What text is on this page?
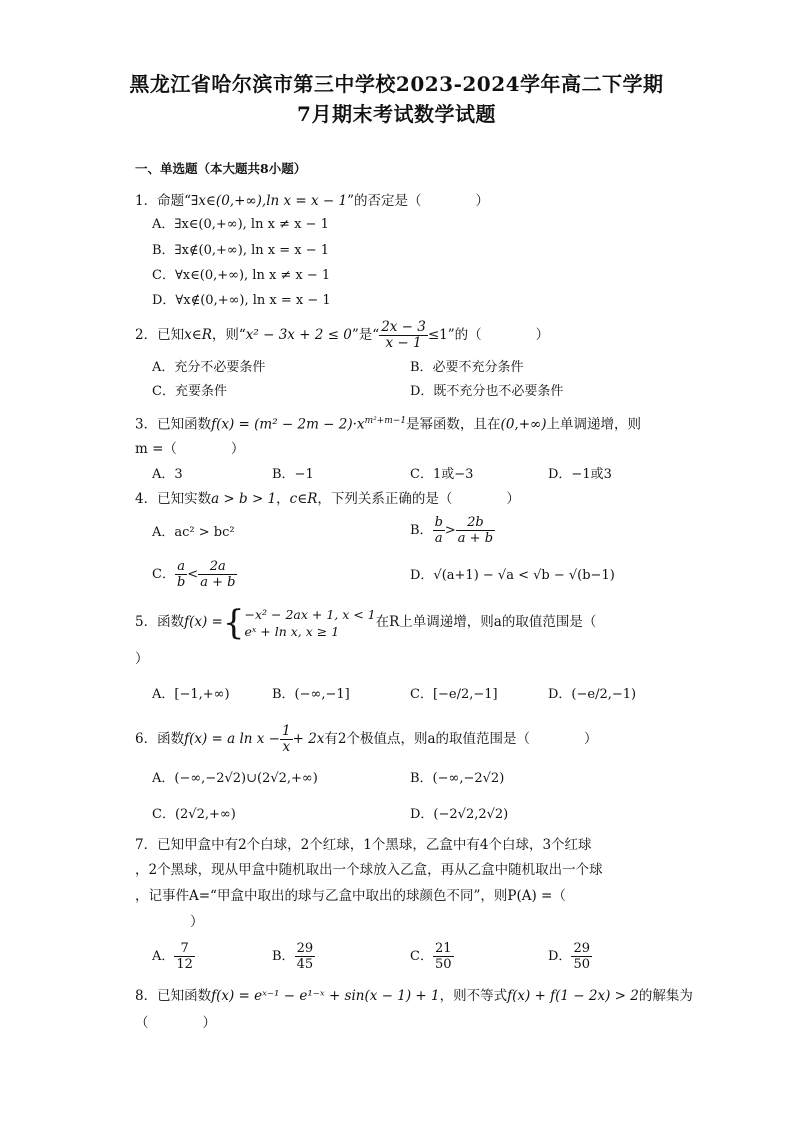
黑龙江省哈尔滨市第三中学校2023-2024学年高二下学期
7月期末考试数学试题
一、单选题（本大题共8小题）
1．命题“∃x∈(0,+∞),ln x = x − 1”的否定是（　　　　）
A．∃x∈(0,+∞), ln x ≠ x − 1
B．∃x∉(0,+∞), ln x = x − 1
C．∀x∈(0,+∞), ln x ≠ x − 1
D．∀x∉(0,+∞), ln x = x − 1
2．已知x∈R，则“x² − 3x + 2 ≤ 0”是“ $\frac{2x - 3}{x - 1} \le 1$”的（　　　　）
A．充分不必要条件	B．必要不充分条件
C．充要条件	D．既不充分也不必要条件
3．已知函数$f(x) = (m^2 - 2m - 2)\cdot x^{m^2+m-1}$是幂函数，且在(0,+∞)上单调递增，则
m =（　　　　）
A．3	B．−1	C．1或−3	D．−1或3
4．已知实数a > b > 1，c∈R，下列关系正确的是（　　　　）
A．ac² > bc²	B． $\frac{b}{a} > \frac{2b}{a + b}$
C． $\frac{a}{b} < \frac{2a}{a + b}$	D．√(a+1) − √a < √b − √(b−1)
5．函数f(x) ={ −x² − 2ax + 1, x < 1
eˣ + ln x, x ≥ 1
在R上单调递增，则a的取值范围是（
）
A．[−1,+∞)	B．(−∞,−1]	C．[−e/2,−1]	D．(−e/2,−1)
6．函数f(x) = a $\ln x - \frac{1}{x} + 2x$有2个极值点，则a的取值范围是（　　　　）
A．(−∞,−2√2)∪(2√2,+∞)	B．(−∞,−2√2)
C．(2√2,+∞)	D．(−2√2,2√2)
7．已知甲盒中有2个白球，2个红球，1个黑球，乙盒中有4个白球，3个红球
，2个黑球，现从甲盒中随机取出一个球放入乙盒，再从乙盒中随机取出一个球
，记事件A=“甲盒中取出的球与乙盒中取出的球颜色不同”，则P(A) =（
）
A． $\frac{7}{12}$	B． $\frac{29}{45}$	C． $\frac{21}{50}$	D． $\frac{29}{50}$
8．已知函数f(x) = eˣ⁻¹ − e¹⁻ˣ + sin(x − 1) + 1，则不等式f(x) + f(1 − 2x) > 2的解集为
（　　　　）
